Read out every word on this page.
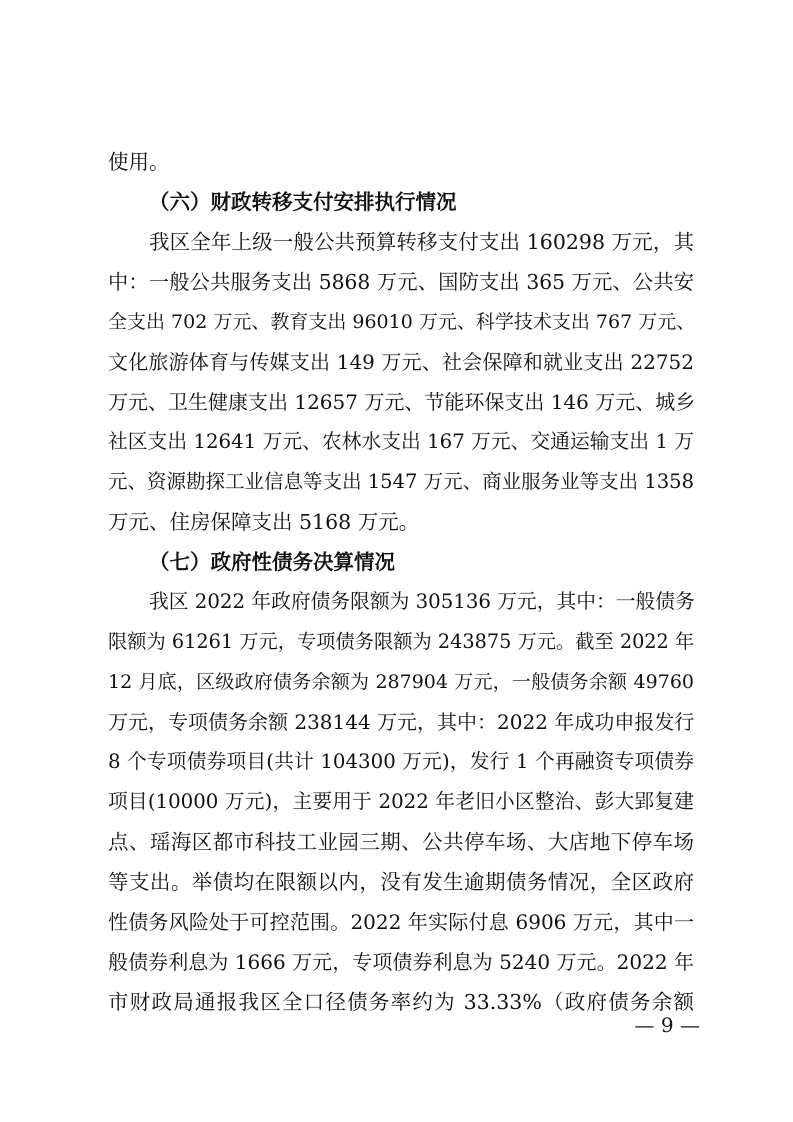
使用。
（六）财政转移支付安排执行情况
我区全年上级一般公共预算转移支付支出 160298 万元，其
中：一般公共服务支出 5868 万元、国防支出 365 万元、公共安
全支出 702 万元、教育支出 96010 万元、科学技术支出 767 万元、
文化旅游体育与传媒支出 149 万元、社会保障和就业支出 22752
万元、卫生健康支出 12657 万元、节能环保支出 146 万元、城乡
社区支出 12641 万元、农林水支出 167 万元、交通运输支出 1 万
元、资源勘探工业信息等支出 1547 万元、商业服务业等支出 1358
万元、住房保障支出 5168 万元。
（七）政府性债务决算情况
我区 2022 年政府债务限额为 305136 万元，其中：一般债务
限额为 61261 万元，专项债务限额为 243875 万元。截至 2022 年
12 月底，区级政府债务余额为 287904 万元，一般债务余额 49760
万元，专项债务余额 238144 万元，其中：2022 年成功申报发行
8 个专项债券项目(共计 104300 万元)，发行 1 个再融资专项债券
项目(10000 万元)，主要用于 2022 年老旧小区整治、彭大郢复建
点、瑶海区都市科技工业园三期、公共停车场、大店地下停车场
等支出。举债均在限额以内，没有发生逾期债务情况，全区政府
性债务风险处于可控范围。2022 年实际付息 6906 万元，其中一
般债券利息为 1666 万元，专项债券利息为 5240 万元。2022 年
市财政局通报我区全口径债务率约为 33.33%（政府债务余额
— 9 —
